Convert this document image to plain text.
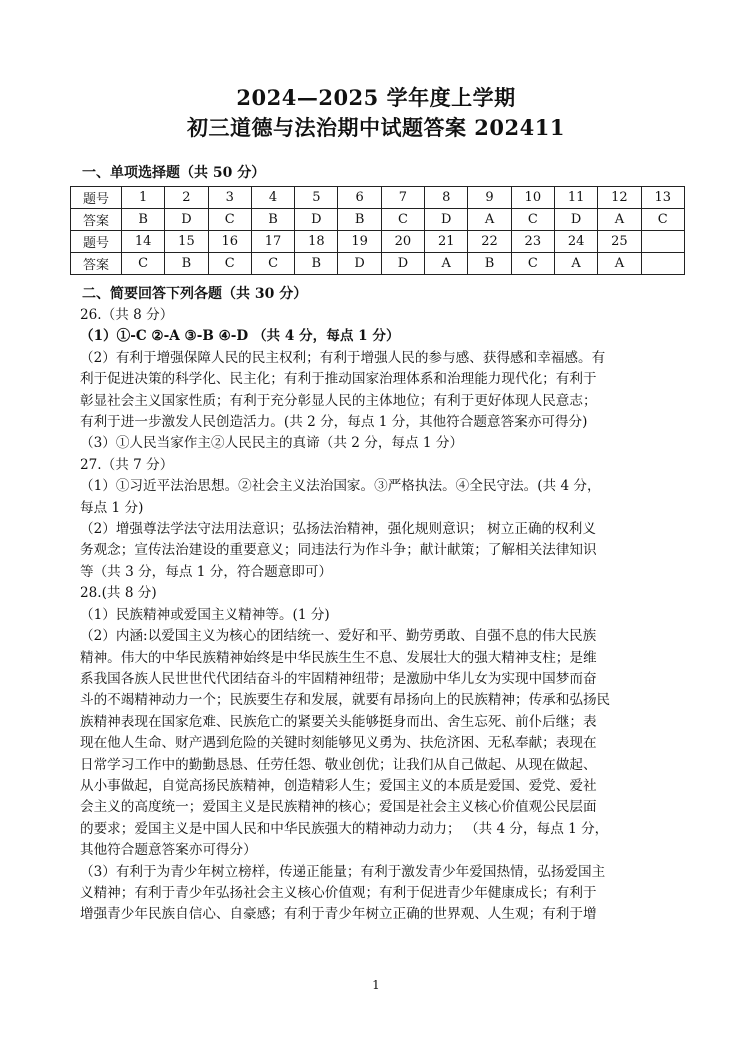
2024—2025 学年度上学期
初三道德与法治期中试题答案 202411
一、单项选择题（共 50 分）
题号	1	2	3	4	5	6	7	8	9	10	11	12	13
答案	B	D	C	B	D	B	C	D	A	C	D	A	C
题号	14	15	16	17	18	19	20	21	22	23	24	25	
答案	C	B	C	C	B	D	D	A	B	C	A	A	
二、简要回答下列各题（共 30 分）

26.（共 8 分）

（1）①-C ②-A ③-B ④-D （共 4 分，每点 1 分）

（2）有利于增强保障人民的民主权利；有利于增强人民的参与感、获得感和幸福感。有

利于促进决策的科学化、民主化；有利于推动国家治理体系和治理能力现代化；有利于

彰显社会主义国家性质；有利于充分彰显人民的主体地位；有利于更好体现人民意志；

有利于进一步激发人民创造活力。(共 2 分，每点 1 分，其他符合题意答案亦可得分)

（3）①人民当家作主②人民民主的真谛（共 2 分，每点 1 分）

27.（共 7 分）

（1）①习近平法治思想。②社会主义法治国家。③严格执法。④全民守法。(共 4 分，

每点 1 分)

（2）增强尊法学法守法用法意识；弘扬法治精神，强化规则意识； 树立正确的权利义

务观念；宣传法治建设的重要意义；同违法行为作斗争；献计献策；了解相关法律知识

等（共 3 分，每点 1 分，符合题意即可）

28.(共 8 分)

（1）民族精神或爱国主义精神等。(1 分)

（2）内涵:以爱国主义为核心的团结统一、爱好和平、勤劳勇敢、自强不息的伟大民族

精神。伟大的中华民族精神始终是中华民族生生不息、发展壮大的强大精神支柱；是维

系我国各族人民世世代代团结奋斗的牢固精神纽带；是激励中华儿女为实现中国梦而奋

斗的不竭精神动力一个；民族要生存和发展，就要有昂扬向上的民族精神；传承和弘扬民

族精神表现在国家危难、民族危亡的紧要关头能够挺身而出、舍生忘死、前仆后继；表

现在他人生命、财产遇到危险的关键时刻能够见义勇为、扶危济困、无私奉献；表现在

日常学习工作中的勤勤恳恳、任劳任怨、敬业创优；让我们从自己做起、从现在做起、

从小事做起，自觉高扬民族精神，创造精彩人生；爱国主义的本质是爱国、爱党、爱社

会主义的高度统一；爱国主义是民族精神的核心；爱国是社会主义核心价值观公民层面

的要求；爱国主义是中国人民和中华民族强大的精神动力动力； （共 4 分，每点 1 分，

其他符合题意答案亦可得分）

（3）有利于为青少年树立榜样，传递正能量；有利于激发青少年爱国热情，弘扬爱国主

义精神；有利于青少年弘扬社会主义核心价值观；有利于促进青少年健康成长；有利于

增强青少年民族自信心、自豪感；有利于青少年树立正确的世界观、人生观；有利于增

1
